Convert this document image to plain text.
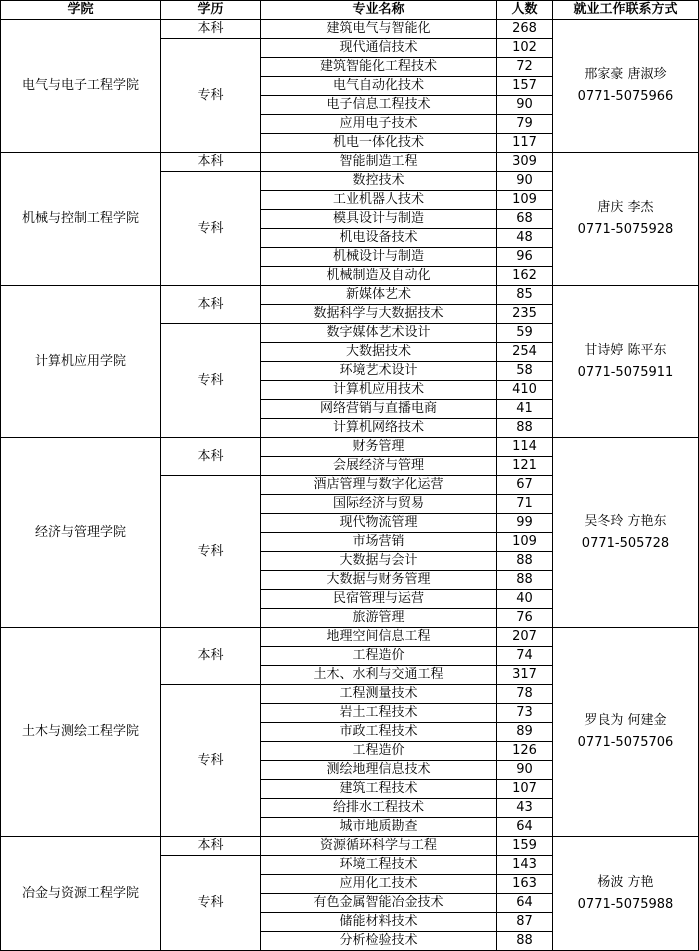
学院	学历	专业名称	人数	就业工作联系方式
电气与电子工程学院	本科	建筑电气与智能化	268	邢家豪 唐淑珍
0771-5075966

	专科	现代通信技术	102	
		建筑智能化工程技术	72	
		电气自动化技术	157	
		电子信息工程技术	90	
		应用电子技术	79	
		机电一体化技术	117	
机械与控制工程学院	本科	智能制造工程	309	唐庆 李杰
0771-5075928

	专科	数控技术	90	
		工业机器人技术	109	
		模具设计与制造	68	
		机电设备技术	48	
		机械设计与制造	96	
		机械制造及自动化	162	
计算机应用学院	本科	新媒体艺术	85	甘诗婷 陈平东
0771-5075911

		数据科学与大数据技术	235	
	专科	数字媒体艺术设计	59	
		大数据技术	254	
		环境艺术设计	58	
		计算机应用技术	410	
		网络营销与直播电商	41	
		计算机网络技术	88	
经济与管理学院	本科	财务管理	114	吴冬玲 方艳东
0771-505728

		会展经济与管理	121	
	专科	酒店管理与数字化运营	67	
		国际经济与贸易	71	
		现代物流管理	99	
		市场营销	109	
		大数据与会计	88	
		大数据与财务管理	88	
		民宿管理与运营	40	
		旅游管理	76	
土木与测绘工程学院	本科	地理空间信息工程	207	罗良为 何建金
0771-5075706

		工程造价	74	
		土木、水利与交通工程	317	
	专科	工程测量技术	78	
		岩土工程技术	73	
		市政工程技术	89	
		工程造价	126	
		测绘地理信息技术	90	
		建筑工程技术	107	
		给排水工程技术	43	
		城市地质勘查	64	
冶金与资源工程学院	本科	资源循环科学与工程	159	杨波 方艳
0771-5075988

	专科	环境工程技术	143	
		应用化工技术	163	
		有色金属智能冶金技术	64	
		储能材料技术	87	
		分析检验技术	88	
